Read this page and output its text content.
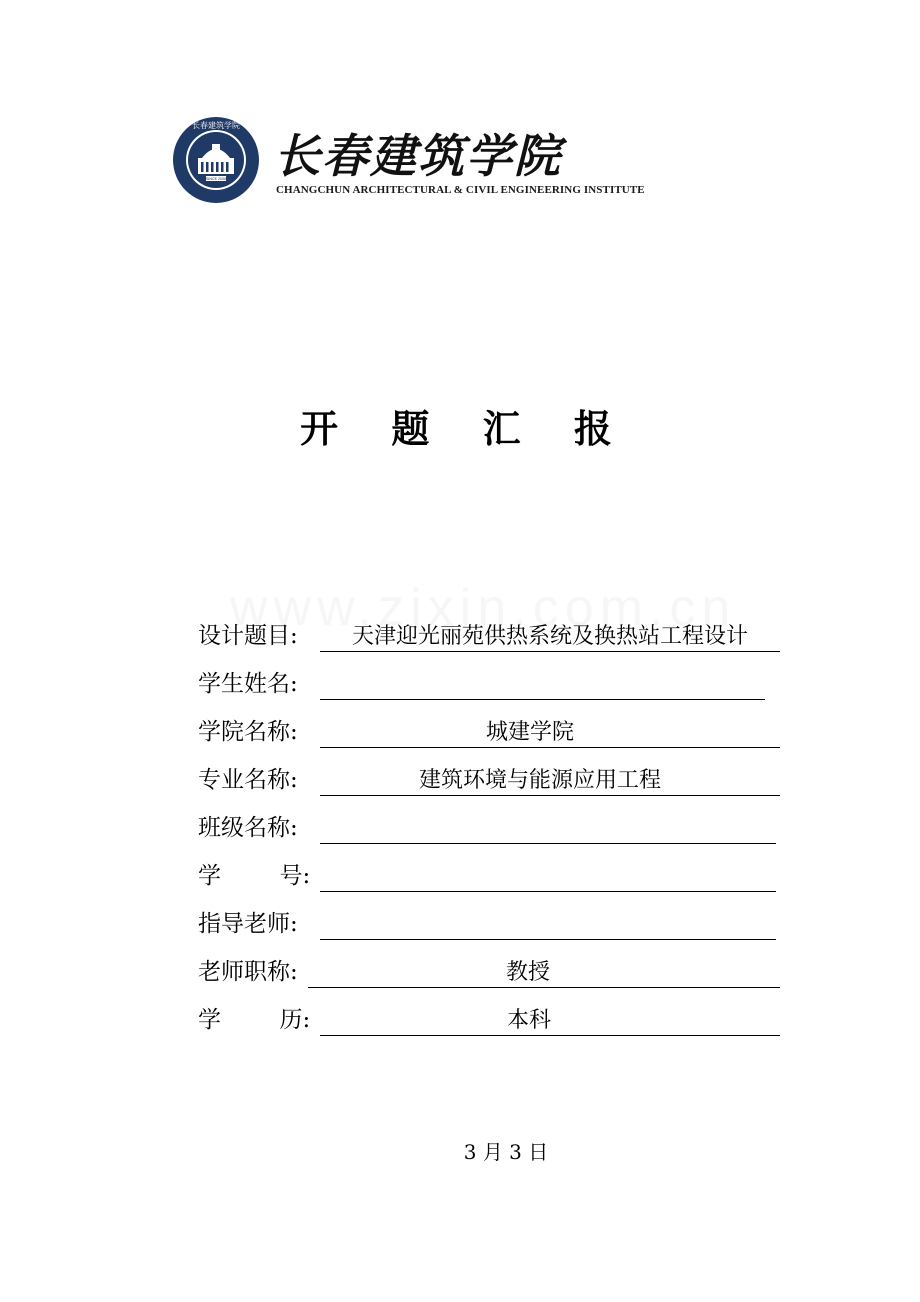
SINCE 2000
长春建筑学院
长春建筑学院
CHANGCHUN ARCHITECTURAL & CIVIL ENGINEERING INSTITUTE
开 题 汇 报
设计题目:	天津迎光丽苑供热系统及换热站工程设计
学生姓名:
学院名称:	城建学院
专业名称:	建筑环境与能源应用工程
班级名称:
学        号:
指导老师:
老师职称:	教授
学        历:	本科
3 月 3 日
